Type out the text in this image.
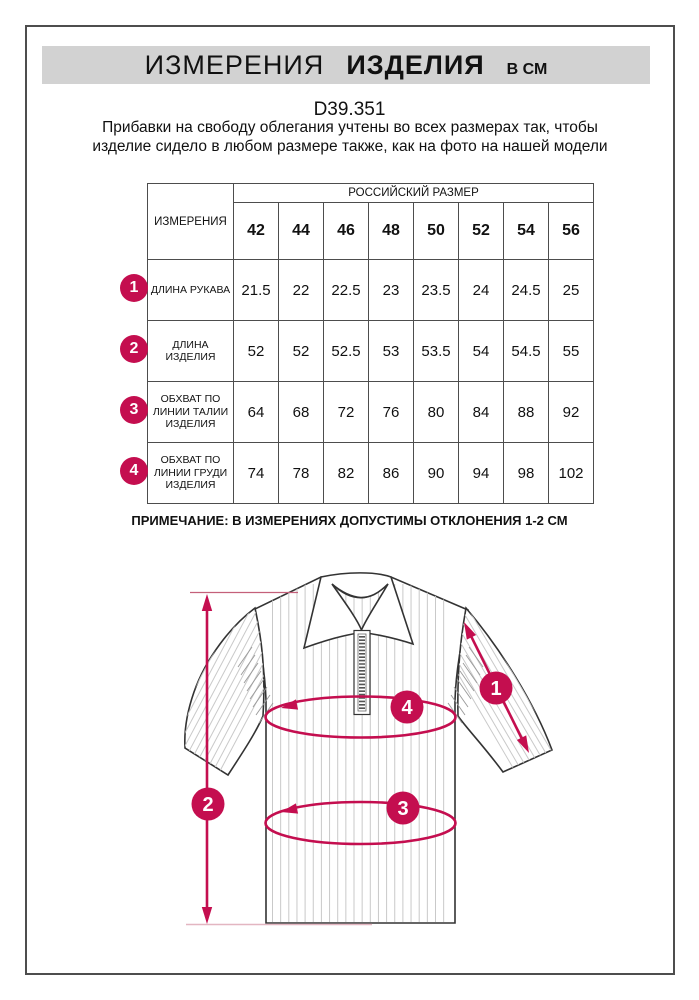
ИЗМЕРЕНИЯ ИЗДЕЛИЯ В СМ
D39.351
Прибавки на свободу облегания учтены во всех размерах так, чтобы изделие сидело в любом размере также, как на фото на нашей модели
ИЗМЕРЕНИЯ	РОССИЙСКИЙ РАЗМЕР							
	42	44	46	48	50	52	54	56
ДЛИНА РУКАВА	21.5	22	22.5	23	23.5	24	24.5	25
ДЛИНА ИЗДЕЛИЯ	52	52	52.5	53	53.5	54	54.5	55
ОБХВАТ ПО ЛИНИИ ТАЛИИ ИЗДЕЛИЯ	64	68	72	76	80	84	88	92
ОБХВАТ ПО ЛИНИИ ГРУДИ ИЗДЕЛИЯ	74	78	82	86	90	94	98	102
1
2
3
4
ПРИМЕЧАНИЕ: В ИЗМЕРЕНИЯХ ДОПУСТИМЫ ОТКЛОНЕНИЯ 1-2 СМ
1
2	3
4
